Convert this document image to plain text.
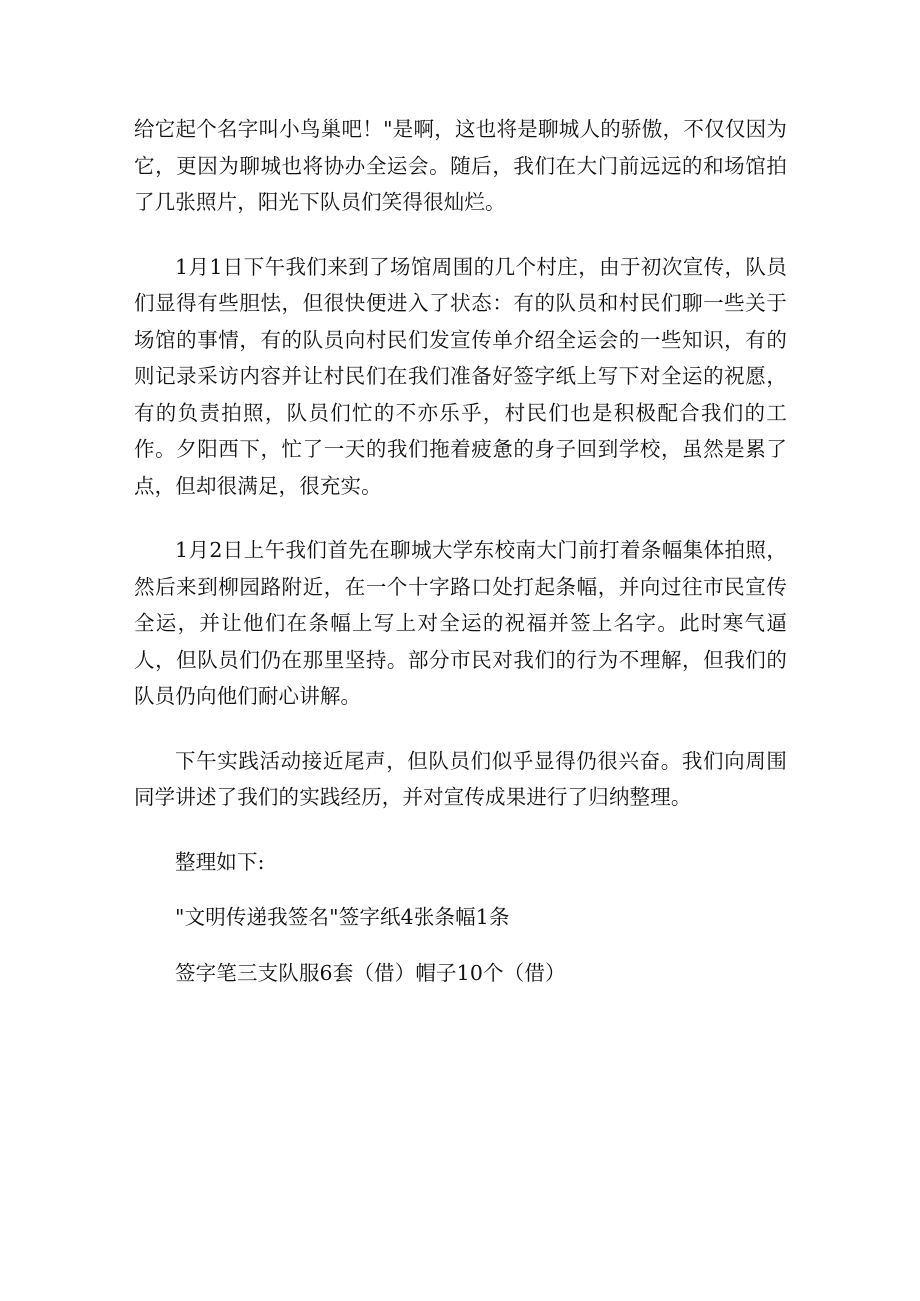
给它起个名字叫小鸟巢吧！"是啊，这也将是聊城人的骄傲，不仅仅因为它，更因为聊城也将协办全运会。随后，我们在大门前远远的和场馆拍了几张照片，阳光下队员们笑得很灿烂。

1月1日下午我们来到了场馆周围的几个村庄，由于初次宣传，队员们显得有些胆怯，但很快便进入了状态：有的队员和村民们聊一些关于场馆的事情，有的队员向村民们发宣传单介绍全运会的一些知识，有的则记录采访内容并让村民们在我们准备好签字纸上写下对全运的祝愿，有的负责拍照，队员们忙的不亦乐乎，村民们也是积极配合我们的工作。夕阳西下，忙了一天的我们拖着疲惫的身子回到学校，虽然是累了点，但却很满足，很充实。

1月2日上午我们首先在聊城大学东校南大门前打着条幅集体拍照，然后来到柳园路附近，在一个十字路口处打起条幅，并向过往市民宣传全运，并让他们在条幅上写上对全运的祝福并签上名字。此时寒气逼人，但队员们仍在那里坚持。部分市民对我们的行为不理解，但我们的队员仍向他们耐心讲解。

下午实践活动接近尾声，但队员们似乎显得仍很兴奋。我们向周围同学讲述了我们的实践经历，并对宣传成果进行了归纳整理。

整理如下:

"文明传递我签名"签字纸4张条幅1条

签字笔三支队服6套（借）帽子10个（借）
